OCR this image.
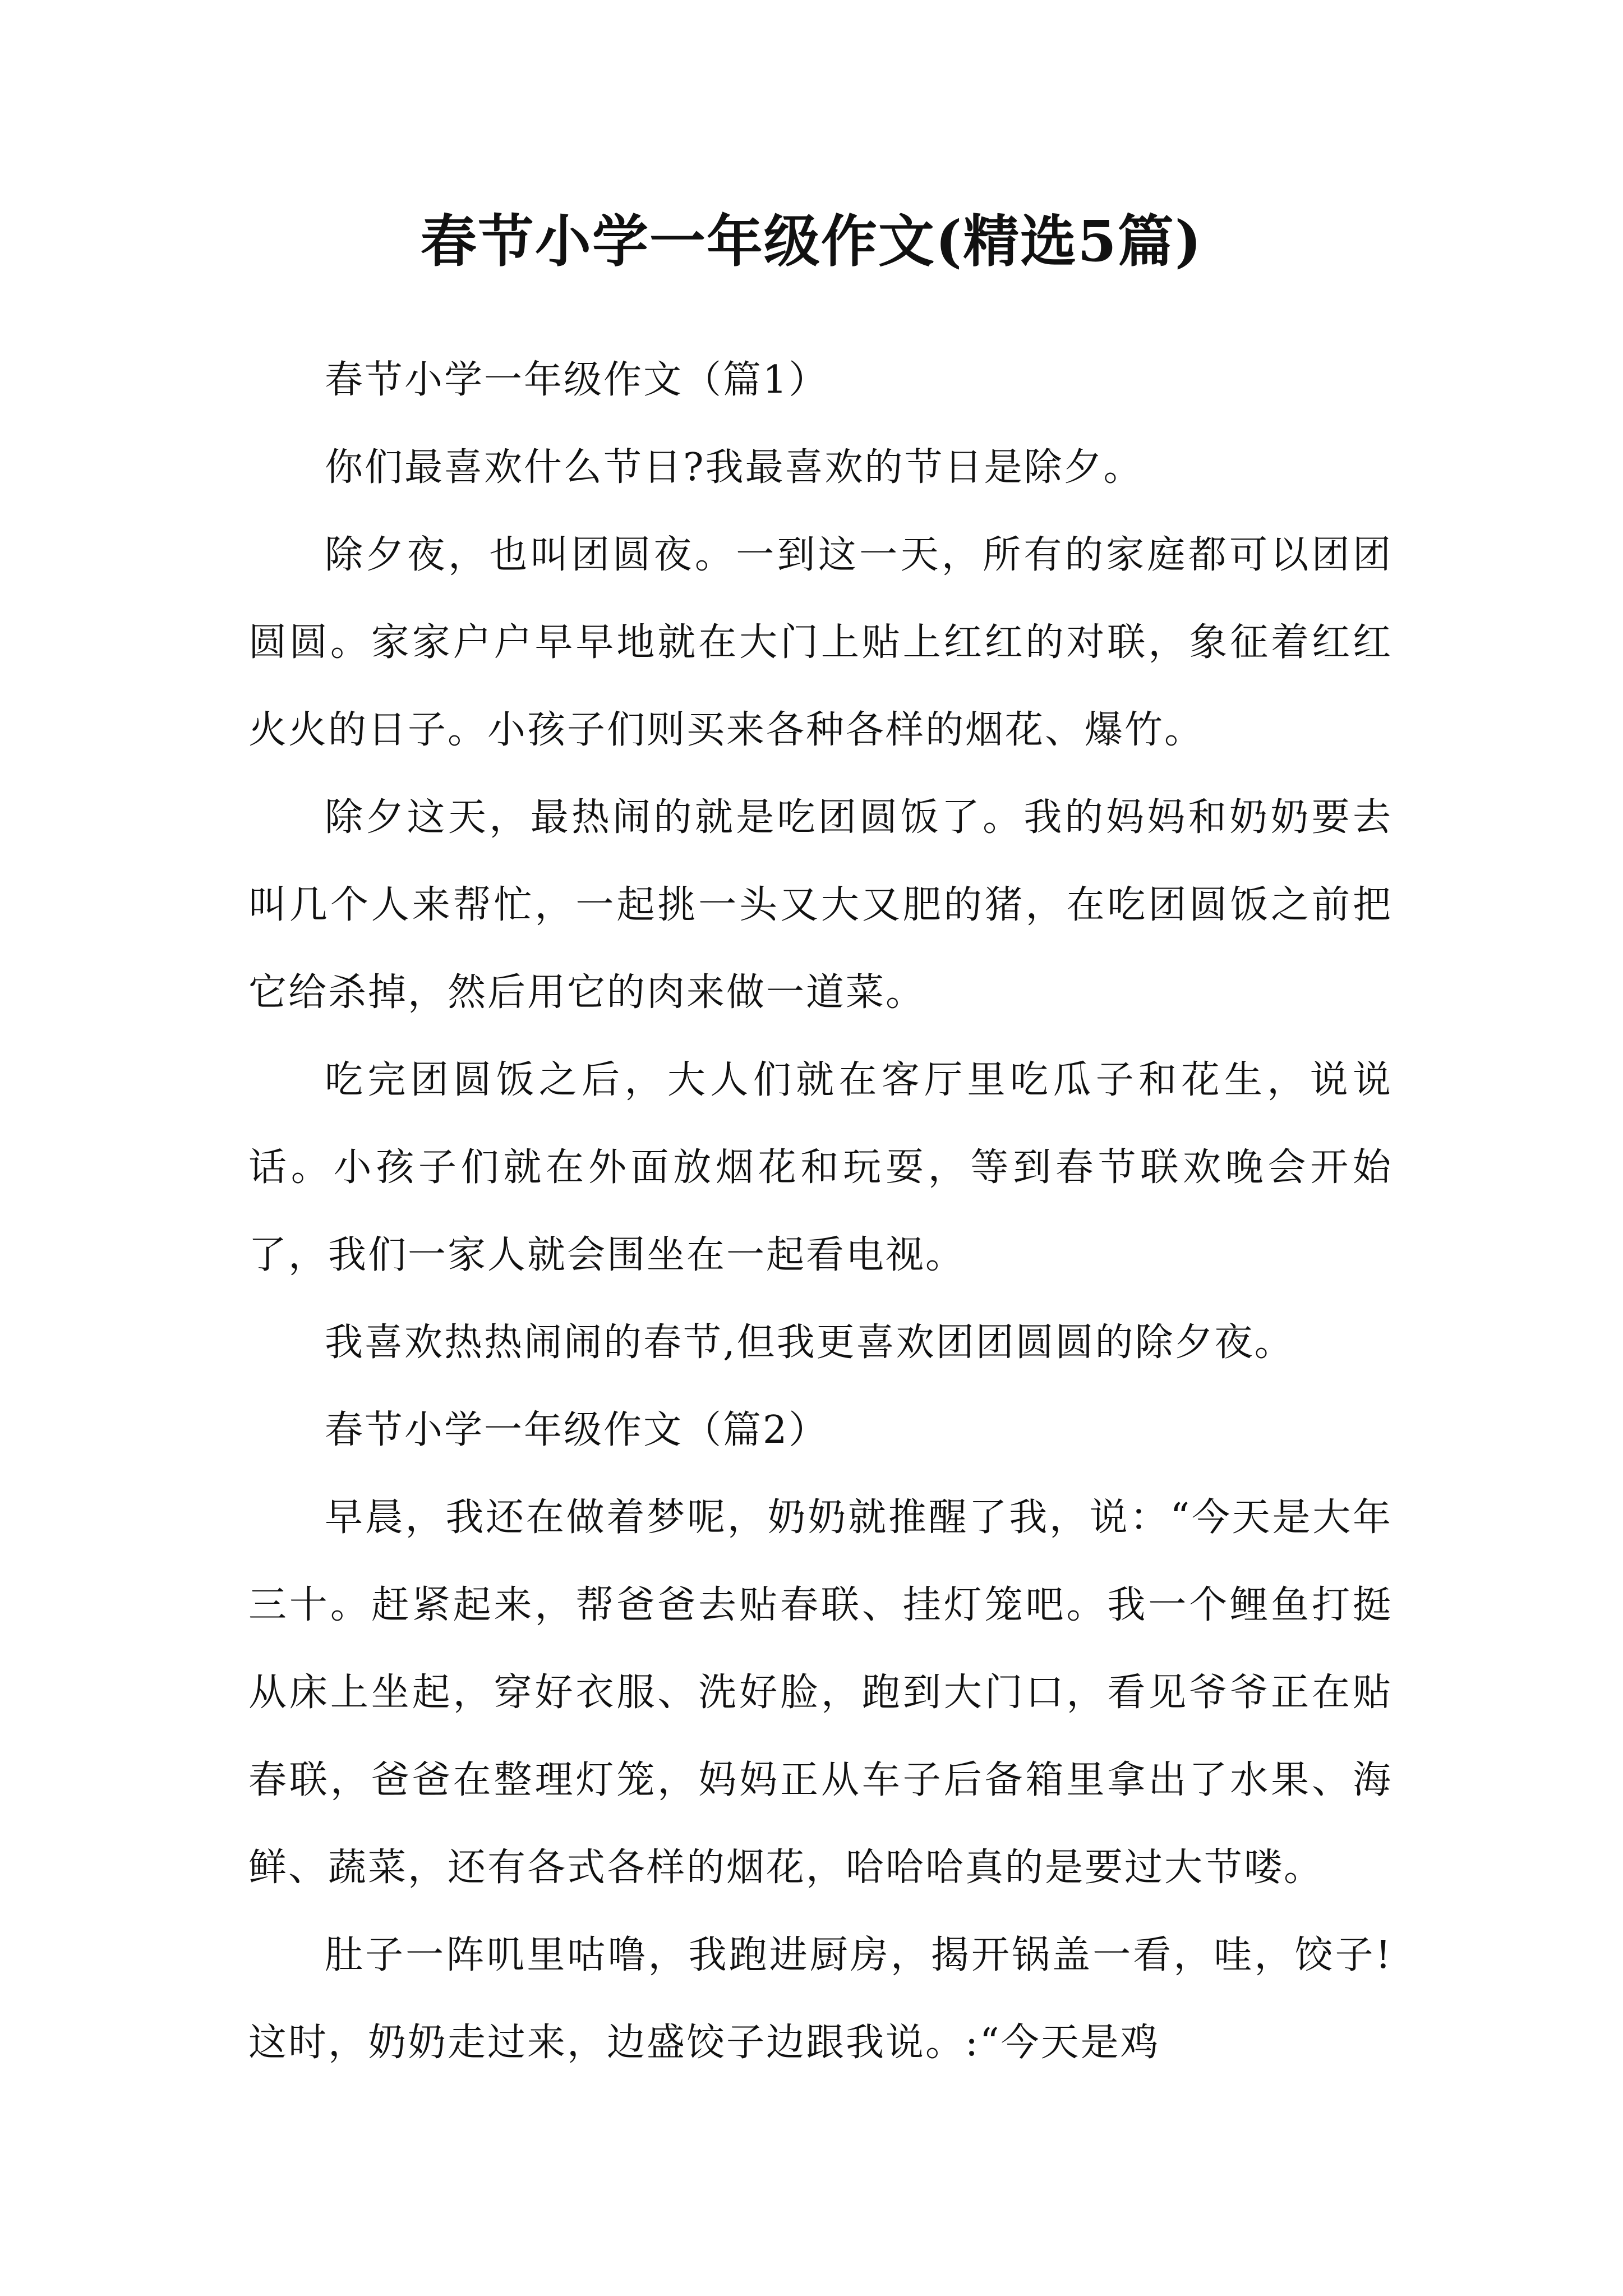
春节小学一年级作文(精选5篇)

春节小学一年级作文（篇1）

你们最喜欢什么节日?我最喜欢的节日是除夕。

除夕夜，也叫团圆夜。一到这一天，所有的家庭都可以团团圆圆。家家户户早早地就在大门上贴上红红的对联，象征着红红火火的日子。小孩子们则买来各种各样的烟花、爆竹。

除夕这天，最热闹的就是吃团圆饭了。我的妈妈和奶奶要去叫几个人来帮忙，一起挑一头又大又肥的猪，在吃团圆饭之前把它给杀掉，然后用它的肉来做一道菜。

吃完团圆饭之后，大人们就在客厅里吃瓜子和花生，说说话。小孩子们就在外面放烟花和玩耍，等到春节联欢晚会开始了，我们一家人就会围坐在一起看电视。

我喜欢热热闹闹的春节,但我更喜欢团团圆圆的除夕夜。

春节小学一年级作文（篇2）

早晨，我还在做着梦呢，奶奶就推醒了我，说：“今天是大年三十。赶紧起来，帮爸爸去贴春联、挂灯笼吧。我一个鲤鱼打挺从床上坐起，穿好衣服、洗好脸，跑到大门口，看见爷爷正在贴春联，爸爸在整理灯笼，妈妈正从车子后备箱里拿出了水果、海鲜、蔬菜，还有各式各样的烟花，哈哈哈真的是要过大节喽。

肚子一阵叽里咕噜，我跑进厨房，揭开锅盖一看，哇，饺子!这时，奶奶走过来，边盛饺子边跟我说。:“今天是鸡
